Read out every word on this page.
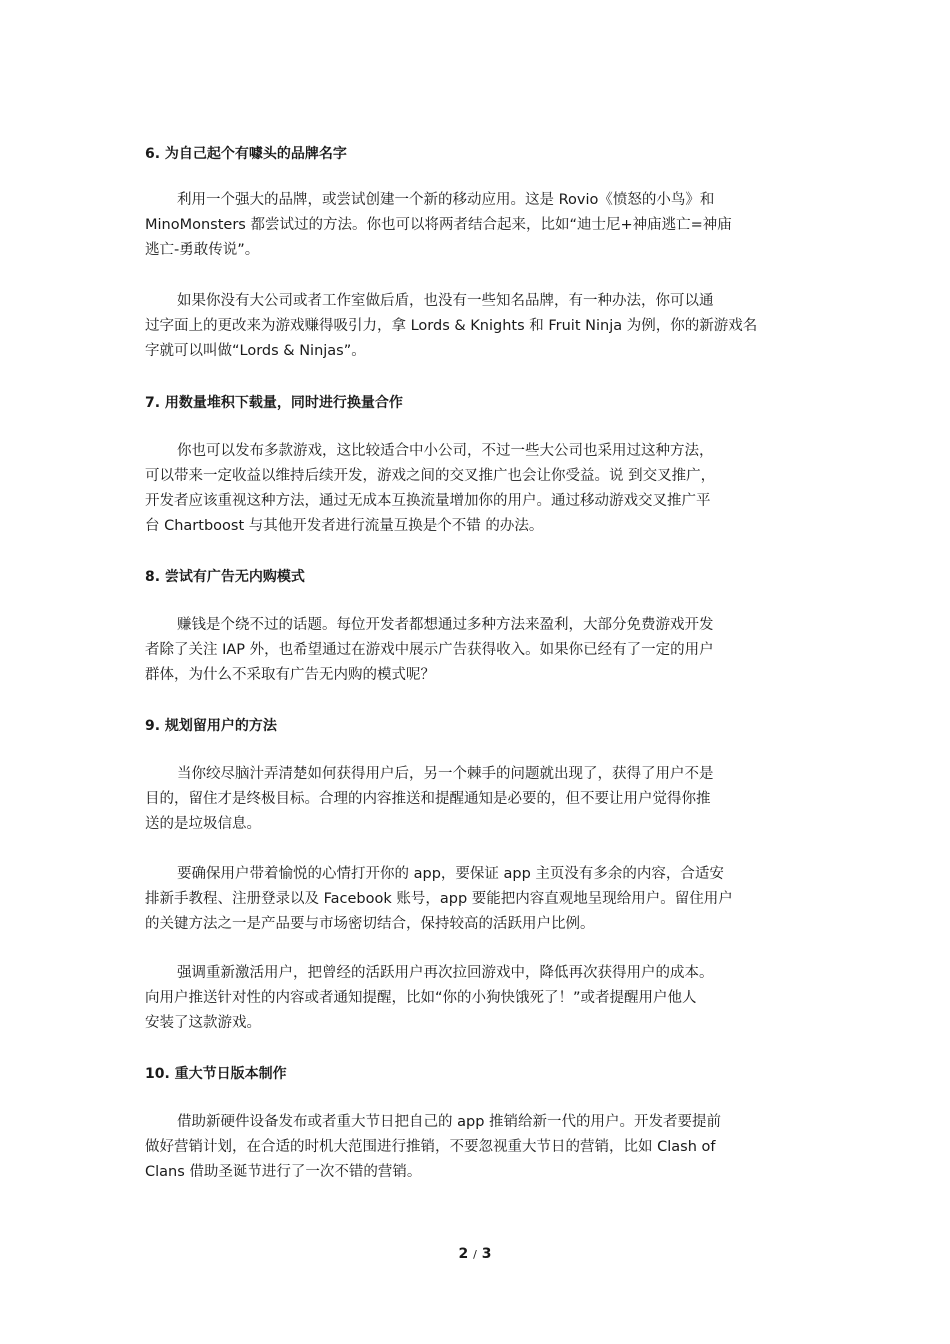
6. 为自己起个有噱头的品牌名字
利用一个强大的品牌，或尝试创建一个新的移动应用。这是 Rovio《愤怒的小鸟》和
MinoMonsters 都尝试过的方法。你也可以将两者结合起来，比如“迪士尼+神庙逃亡=神庙
逃亡-勇敢传说”。
如果你没有大公司或者工作室做后盾，也没有一些知名品牌，有一种办法，你可以通
过字面上的更改来为游戏赚得吸引力，拿 Lords & Knights 和 Fruit Ninja 为例，你的新游戏名
字就可以叫做“Lords & Ninjas”。
7. 用数量堆积下载量，同时进行换量合作
你也可以发布多款游戏，这比较适合中小公司，不过一些大公司也采用过这种方法，
可以带来一定收益以维持后续开发，游戏之间的交叉推广也会让你受益。说 到交叉推广，
开发者应该重视这种方法，通过无成本互换流量增加你的用户。通过移动游戏交叉推广平
台 Chartboost 与其他开发者进行流量互换是个不错 的办法。
8. 尝试有广告无内购模式
赚钱是个绕不过的话题。每位开发者都想通过多种方法来盈利，大部分免费游戏开发
者除了关注 IAP 外，也希望通过在游戏中展示广告获得收入。如果你已经有了一定的用户
群体，为什么不采取有广告无内购的模式呢？
9. 规划留用户的方法
当你绞尽脑汁弄清楚如何获得用户后，另一个棘手的问题就出现了，获得了用户不是
目的，留住才是终极目标。合理的内容推送和提醒通知是必要的，但不要让用户觉得你推
送的是垃圾信息。
要确保用户带着愉悦的心情打开你的 app，要保证 app 主页没有多余的内容，合适安
排新手教程、注册登录以及 Facebook 账号，app 要能把内容直观地呈现给用户。留住用户
的关键方法之一是产品要与市场密切结合，保持较高的活跃用户比例。
强调重新激活用户，把曾经的活跃用户再次拉回游戏中，降低再次获得用户的成本。
向用户推送针对性的内容或者通知提醒，比如“你的小狗快饿死了！”或者提醒用户他人
安装了这款游戏。
10. 重大节日版本制作
借助新硬件设备发布或者重大节日把自己的 app 推销给新一代的用户。开发者要提前
做好营销计划，在合适的时机大范围进行推销，不要忽视重大节日的营销，比如 Clash of
Clans 借助圣诞节进行了一次不错的营销。
2 / 3
